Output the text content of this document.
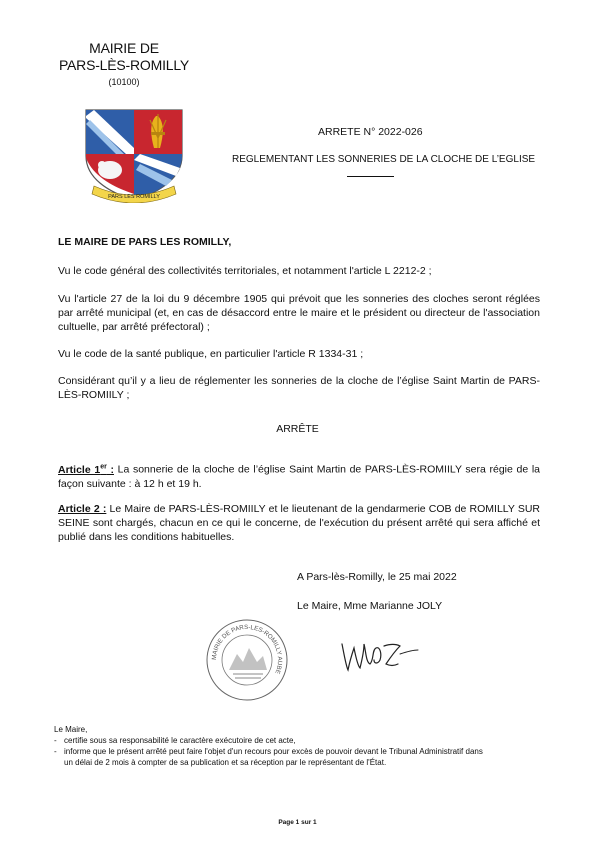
MAIRIE DE
PARS-LÈS-ROMILLY
(10100)
PARS LES ROMILLY
ARRETE N° 2022-026
REGLEMENTANT LES SONNERIES DE LA CLOCHE DE L’EGLISE
LE MAIRE DE PARS LES ROMILLY,
Vu le code général des collectivités territoriales, et notamment l'article L 2212-2 ;
Vu l'article 27 de la loi du 9 décembre 1905 qui prévoit que les sonneries des cloches seront réglées par arrêté municipal (et, en cas de désaccord entre le maire et le président ou directeur de l'association cultuelle, par arrêté préfectoral) ;
Vu le code de la santé publique, en particulier l'article R 1334-31 ;
Considérant qu’il y a lieu de réglementer les sonneries de la cloche de l’église Saint Martin de PARS-LÈS-ROMIILY ;
ARRÊTE
Article 1er : La sonnerie de la cloche de l’église Saint Martin de PARS-LÈS-ROMIILY sera régie de la façon suivante : à 12 h et 19 h.
Article 2 : Le Maire de PARS-LÈS-ROMIILY et le lieutenant de la gendarmerie COB de ROMILLY SUR SEINE sont chargés, chacun en ce qui le concerne, de l'exécution du présent arrêté qui sera affiché et publié dans les conditions habituelles.
A Pars-lès-Romilly, le 25 mai 2022
Le Maire, Mme Marianne JOLY
MAIRIE DE PARS-LES-ROMILLY AUBE
Le Maire,
- certifie sous sa responsabilité le caractère exécutoire de cet acte,
- informe que le présent arrêté peut faire l'objet d'un recours pour excès de pouvoir devant le Tribunal Administratif dans un délai de 2 mois à compter de sa publication et sa réception par le représentant de l'État.
Page 1 sur 1
